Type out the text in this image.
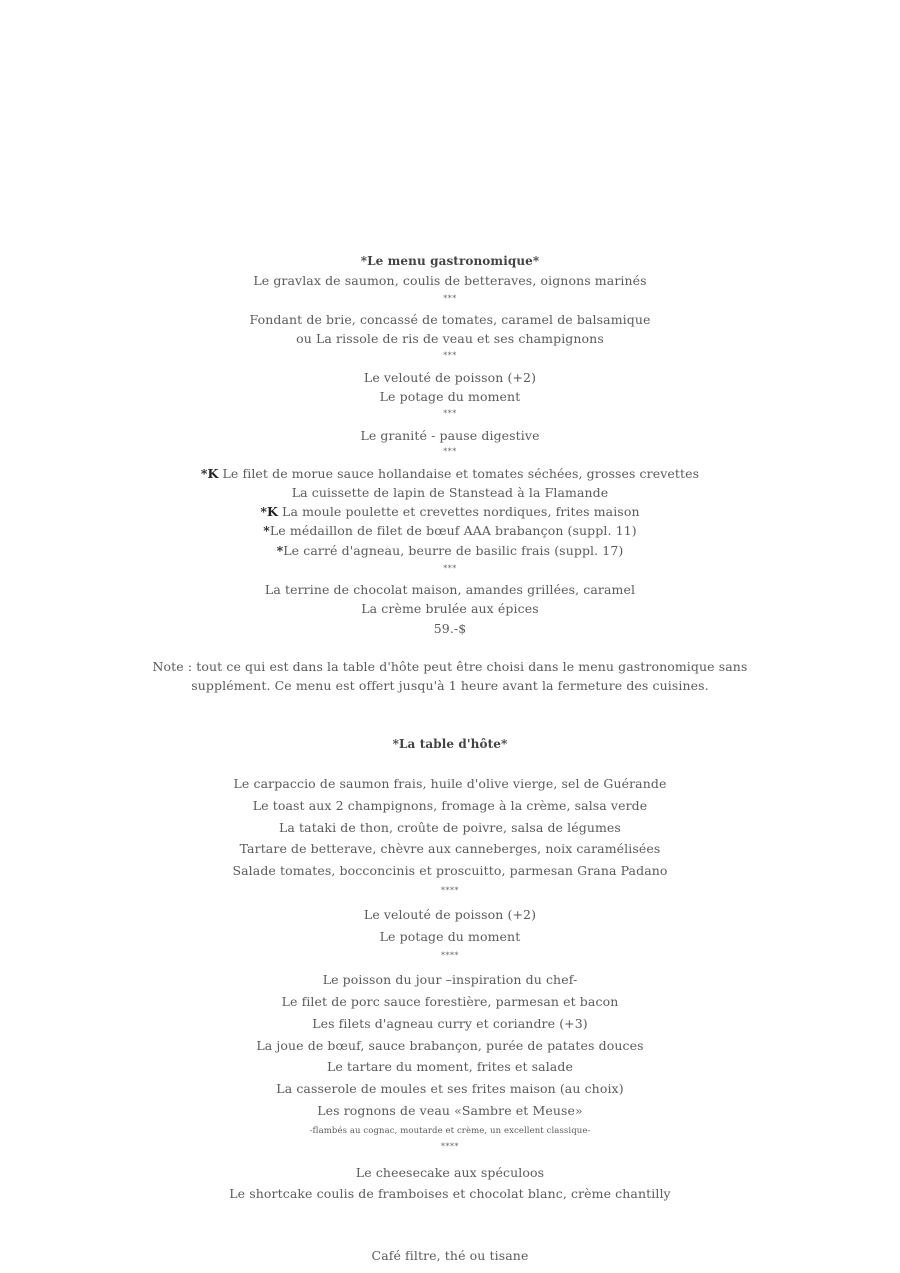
*Le menu gastronomique*
Le gravlax de saumon, coulis de betteraves, oignons marinés
***
Fondant de brie, concassé de tomates, caramel de balsamique
ou La rissole de ris de veau et ses champignons
***
Le velouté de poisson (+2)
Le potage du moment
***
Le granité - pause digestive
***
*K Le filet de morue sauce hollandaise et tomates séchées, grosses crevettes
La cuissette de lapin de Stanstead à la Flamande
*K La moule poulette et crevettes nordiques, frites maison
*Le médaillon de filet de bœuf AAA brabançon (suppl. 11)
*Le carré d'agneau, beurre de basilic frais (suppl. 17)
***
La terrine de chocolat maison, amandes grillées, caramel
La crème brulée aux épices
59.-$
Note : tout ce qui est dans la table d'hôte peut être choisi dans le menu gastronomique sans
supplément. Ce menu est offert jusqu'à 1 heure avant la fermeture des cuisines.
*La table d'hôte*
Le carpaccio de saumon frais, huile d'olive vierge, sel de Guérande
Le toast aux 2 champignons, fromage à la crème, salsa verde
La tataki de thon, croûte de poivre, salsa de légumes
Tartare de betterave, chèvre aux canneberges, noix caramélisées
Salade tomates, bocconcinis et proscuitto, parmesan Grana Padano
****
Le velouté de poisson (+2)
Le potage du moment
****
Le poisson du jour –inspiration du chef-
Le filet de porc sauce forestière, parmesan et bacon
Les filets d'agneau curry et coriandre (+3)
La joue de bœuf, sauce brabançon, purée de patates douces
Le tartare du moment, frites et salade
La casserole de moules et ses frites maison (au choix)
Les rognons de veau «Sambre et Meuse»
-flambés au cognac, moutarde et crème, un excellent classique-
****
Le cheesecake aux spéculoos
Le shortcake coulis de framboises et chocolat blanc, crème chantilly
Café filtre, thé ou tisane
